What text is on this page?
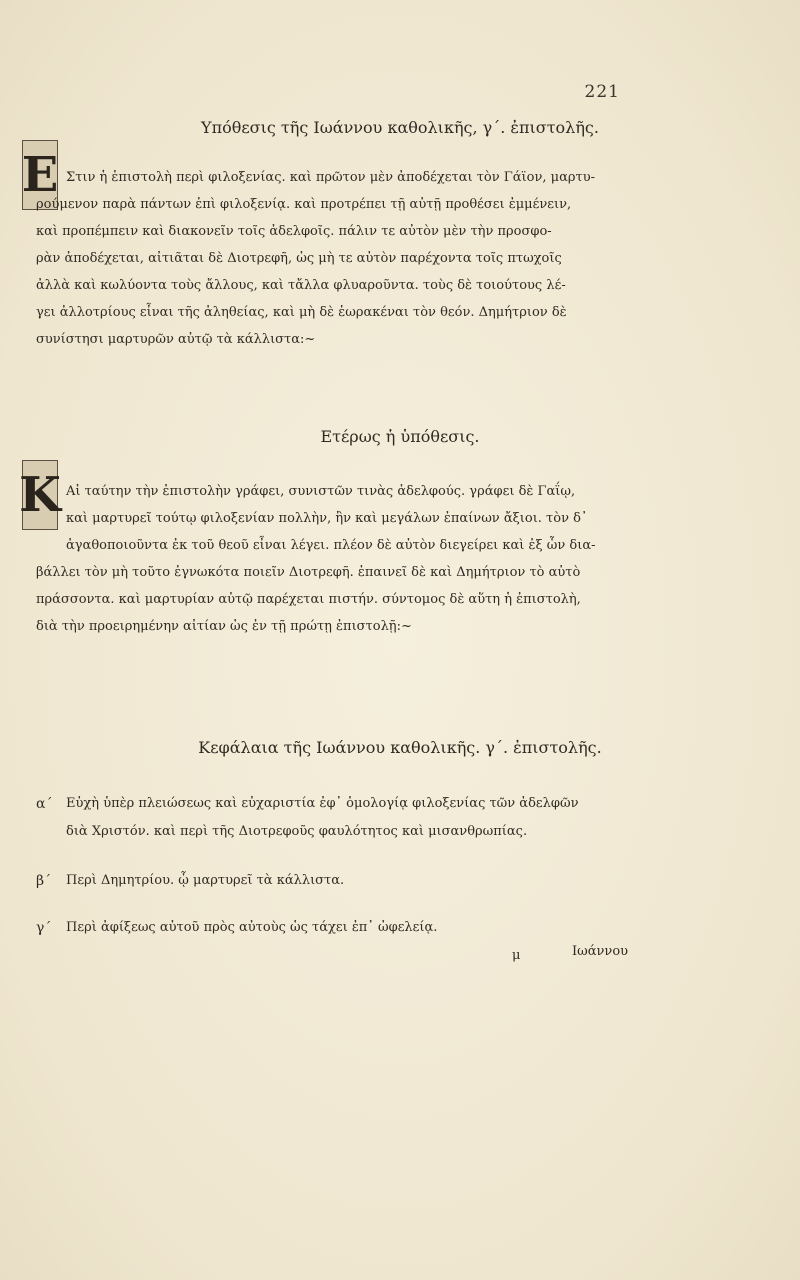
221
Υπόθεσις τῆς Ιωάννου καθολικῆς, γ΄. ἐπιστολῆς.
Ε Στιν ἡ ἐπιστολὴ περὶ φιλοξενίας. καὶ πρῶτον μὲν ἀποδέχεται τὸν Γάϊον, μαρτυ-
ρούμενον παρὰ πάντων ἐπὶ φιλοξενίᾳ. καὶ προτρέπει τῇ αὐτῇ προθέσει ἐμμένειν,
καὶ προπέμπειν καὶ διακονεῖν τοῖς ἀδελφοῖς. πάλιν τε αὐτὸν μὲν τὴν προσφο-
ρὰν ἀποδέχεται, αἰτιᾶται δὲ Διοτρεφῆ, ὡς μὴ τε αὐτὸν παρέχοντα τοῖς πτωχοῖς
ἀλλὰ καὶ κωλύοντα τοὺς ἄλλους, καὶ τἄλλα φλυαροῦντα. τοὺς δὲ τοιούτους λέ-
γει ἀλλοτρίους εἶναι τῆς ἀληθείας, καὶ μὴ δὲ ἑωρακέναι τὸν θεόν. Δημήτριον δὲ
συνίστησι μαρτυρῶν αὐτῷ τὰ κάλλιστα:~
Ετέρως ἡ ὑπόθεσις.
Κ Αἰ ταύτην τὴν ἐπιστολὴν γράφει, συνιστῶν τινὰς ἀδελφούς. γράφει δὲ Γαΐῳ,
καὶ μαρτυρεῖ τούτῳ φιλοξενίαν πολλὴν, ἣν καὶ μεγάλων ἐπαίνων ἄξιοι. τὸν δ᾽
ἀγαθοποιοῦντα ἐκ τοῦ θεοῦ εἶναι λέγει. πλέον δὲ αὐτὸν διεγείρει καὶ ἐξ ὧν δια-
βάλλει τὸν μὴ τοῦτο ἐγνωκότα ποιεῖν Διοτρεφῆ. ἐπαινεῖ δὲ καὶ Δημήτριον τὸ αὐτὸ
πράσσοντα. καὶ μαρτυρίαν αὐτῷ παρέχεται πιστήν. σύντομος δὲ αὕτη ἡ ἐπιστολὴ,
διὰ τὴν προειρημένην αἰτίαν ὡς ἐν τῇ πρώτῃ ἐπιστολῇ:~
Κεφάλαια τῆς Ιωάννου καθολικῆς. γ΄. ἐπιστολῆς.
α΄	Εὐχὴ ὑπὲρ πλειώσεως καὶ εὐχαριστία ἐφ᾽ ὁμολογίᾳ φιλοξενίας τῶν ἀδελφῶν
διὰ Χριστόν. καὶ περὶ τῆς Διοτρεφοῦς φαυλότητος καὶ μισανθρωπίας.
β΄	Περὶ Δημητρίου. ᾧ μαρτυρεῖ τὰ κάλλιστα.
γ΄	Περὶ ἀφίξεως αὐτοῦ πρὸς αὐτοὺς ὡς τάχει ἐπ᾽ ὠφελείᾳ.
μ	Ιωάννου
